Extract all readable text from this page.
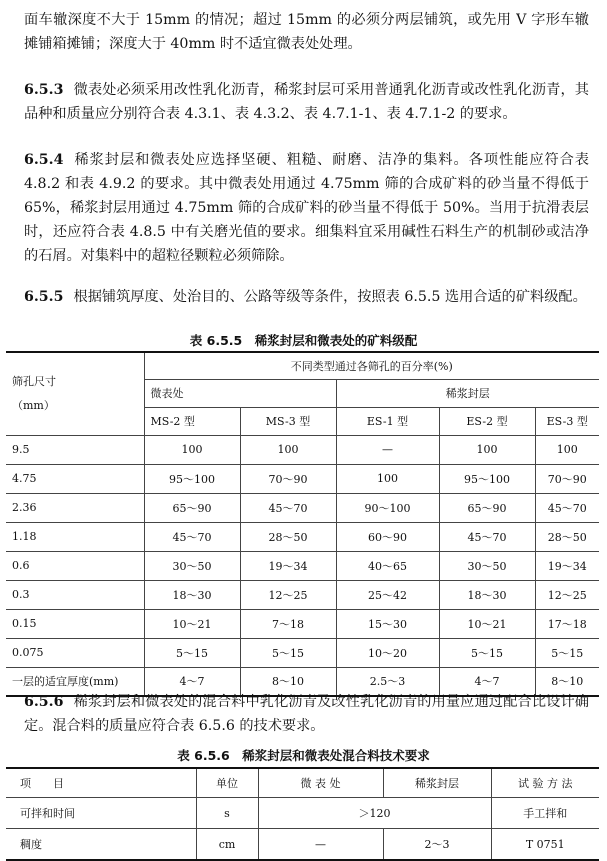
面车辙深度不大于 15mm 的情况；超过 15mm 的必须分两层铺筑，或先用 V 字形车辙摊铺箱摊铺；深度大于 40mm 时不适宜微表处处理。

6.5.3 微表处必须采用改性乳化沥青，稀浆封层可采用普通乳化沥青或改性乳化沥青，其品种和质量应分别符合表 4.3.1、表 4.3.2、表 4.7.1-1、表 4.7.1-2 的要求。

6.5.4 稀浆封层和微表处应选择坚硬、粗糙、耐磨、洁净的集料。各项性能应符合表 4.8.2 和表 4.9.2 的要求。其中微表处用通过 4.75mm 筛的合成矿料的砂当量不得低于 65%，稀浆封层用通过 4.75mm 筛的合成矿料的砂当量不得低于 50%。当用于抗滑表层时，还应符合表 4.8.5 中有关磨光值的要求。细集料宜采用碱性石料生产的机制砂或洁净的石屑。对集料中的超粒径颗粒必须筛除。

6.5.5 根据铺筑厚度、处治目的、公路等级等条件，按照表 6.5.5 选用合适的矿料级配。

表 6.5.5　稀浆封层和微表处的矿料级配
筛孔尺寸
（mm）	不同类型通过各筛孔的百分率(%)				
	微表处		稀浆封层		
	MS-2 型	MS-3 型	ES-1 型	ES-2 型	ES-3 型
9.5	100	100	—	100	100
4.75	95～100	70～90	100	95～100	70～90
2.36	65～90	45～70	90～100	65～90	45～70
1.18	45～70	28～50	60～90	45～70	28～50
0.6	30～50	19～34	40～65	30～50	19～34
0.3	18～30	12～25	25～42	18～30	12～25
0.15	10～21	7～18	15～30	10～21	17～18
0.075	5～15	5～15	10～20	5～15	5～15
一层的适宜厚度(mm)	4～7	8～10	2.5～3	4～7	8～10

6.5.6 稀浆封层和微表处的混合料中乳化沥青及改性乳化沥青的用量应通过配合比设计确定。混合料的质量应符合表 6.5.6 的技术要求。

表 6.5.6　稀浆封层和微表处混合料技术要求
项　　目	单位	微 表 处	稀浆封层	试 验 方 法
可拌和时间	s	＞120		手工拌和
稠度	cm	—	2～3	T 0751
